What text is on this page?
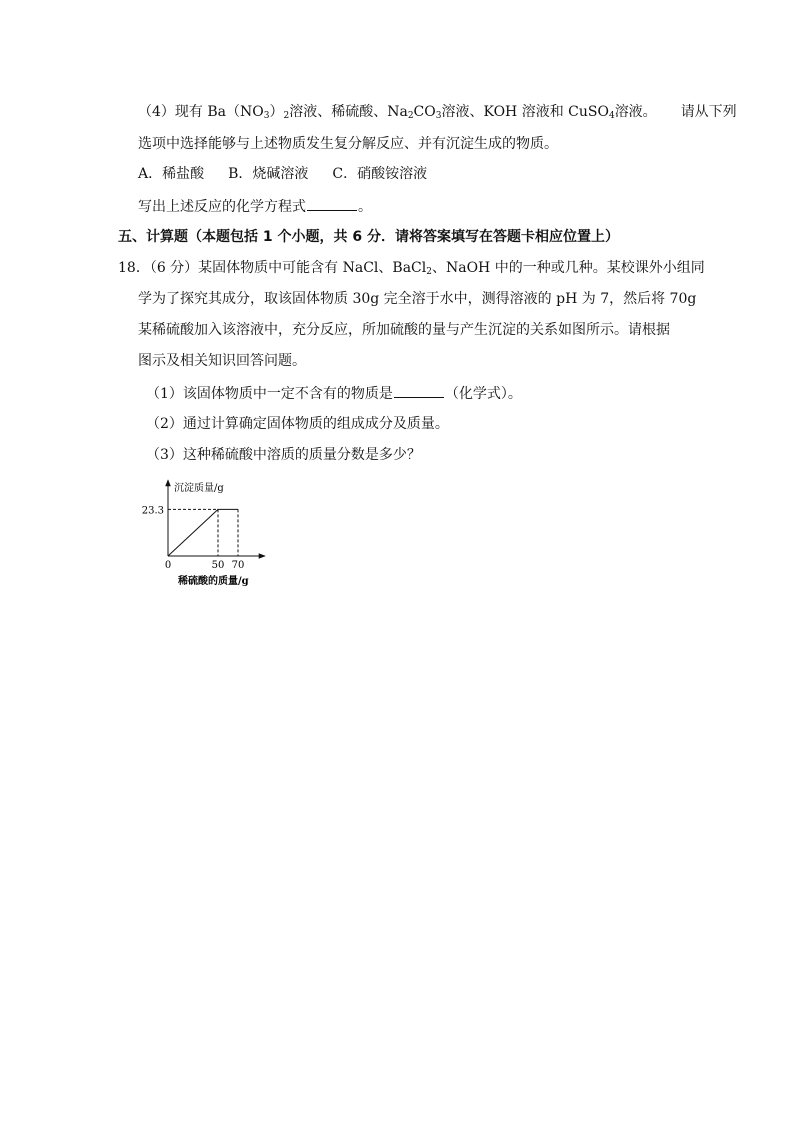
（4）现有 $Ba(NO_3)_2$溶液、稀硫酸、$Na_2CO_3$溶液、KOH 溶液和 CuSO$_4$溶液。 请从下列
选项中选择能够与上述物质发生复分解反应、并有沉淀生成的物质。
A．稀盐酸 B．烧碱溶液 C．硝酸铵溶液
写出上述反应的化学方程式	。
五、计算题（本题包括 1 个小题，共 6 分．请将答案填写在答题卡相应位置上）
18．（6 分）某固体物质中可能含有 NaCl、BaCl$_2$、NaOH 中的一种或几种。某校课外小组同
学为了探究其成分，取该固体物质 30g 完全溶于水中，测得溶液的 pH 为 7，然后将 70g
某稀硫酸加入该溶液中，充分反应，所加硫酸的量与产生沉淀的关系如图所示。请根据
图示及相关知识回答问题。
（1）该固体物质中一定不含有的物质是	（化学式）。
（2）通过计算确定固体物质的组成成分及质量。
（3）这种稀硫酸中溶质的质量分数是多少？
沉淀质量/g
稀硫酸的质量/g
0	50 70
23.3
